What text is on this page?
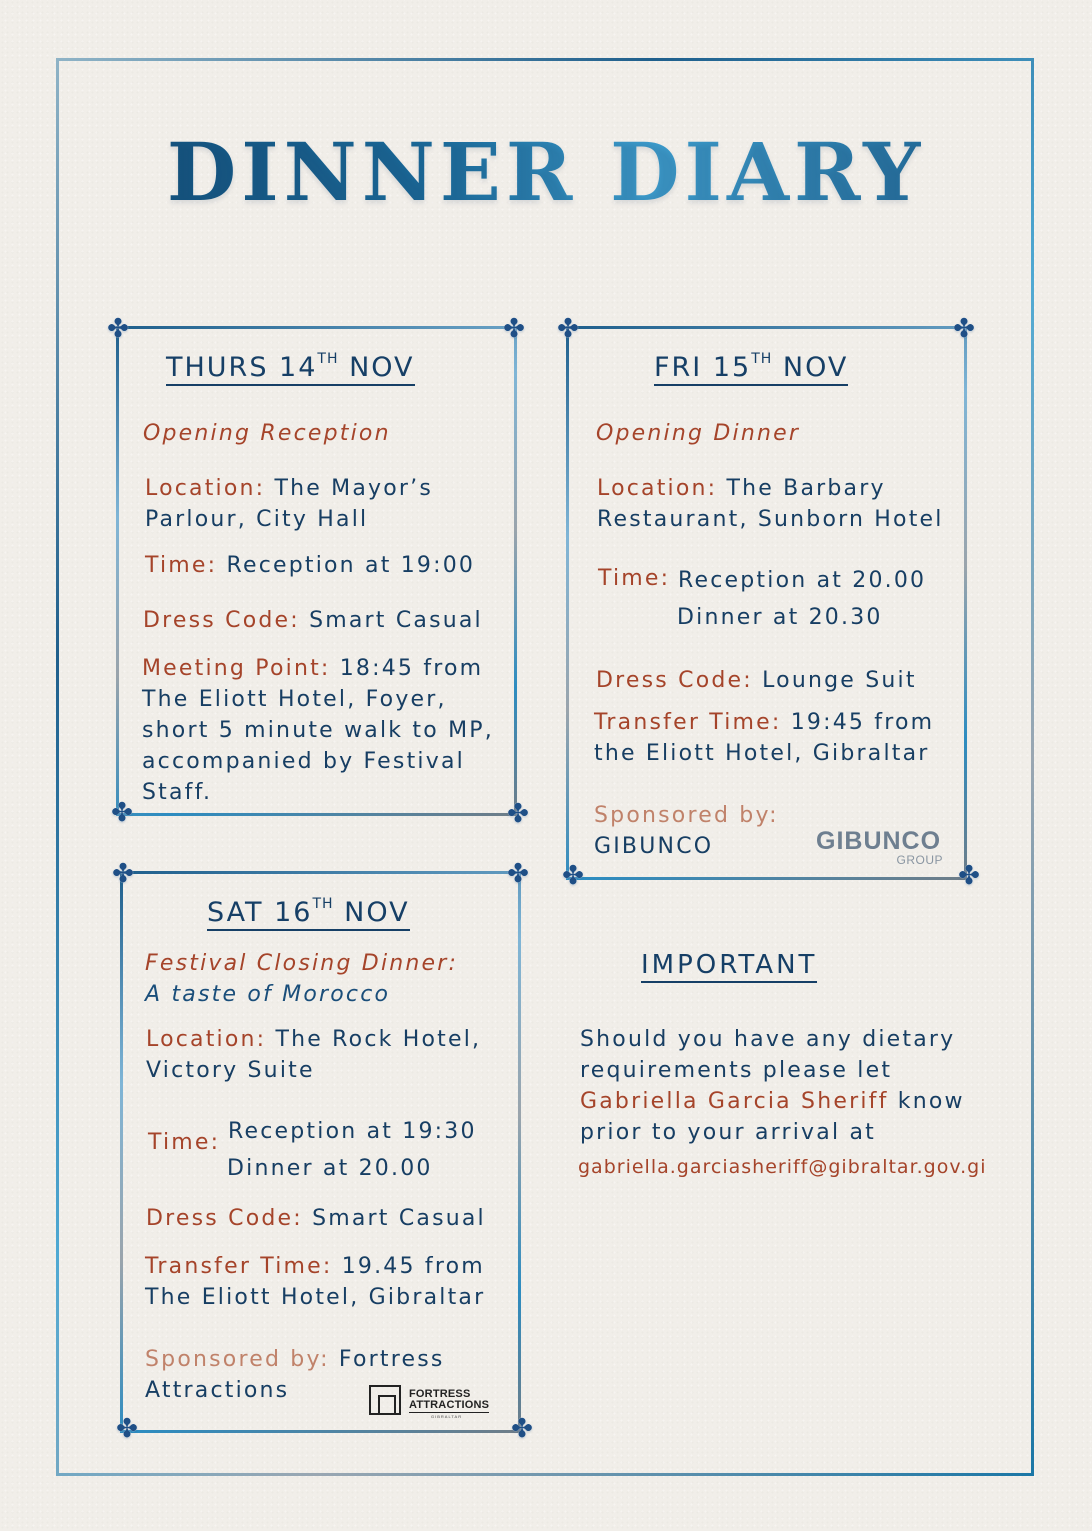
DINNER DIARY
✤	✤
✤	✤
THURS 14TH NOV
Opening Reception
Location: The Mayor’s
Parlour, City Hall
Time: Reception at 19:00
Dress Code: Smart Casual
Meeting Point: 18:45 from
The Eliott Hotel, Foyer,
short 5 minute walk to MP,
accompanied by Festival
Staff.
✤	✤
✤	✤
FRI 15TH NOV
Opening Dinner
Location: The Barbary
Restaurant, Sunborn Hotel
Time: Reception at 20.00
Dinner at 20.30
Dress Code: Lounge Suit
Transfer Time: 19:45 from
the Eliott Hotel, Gibraltar
Sponsored by:
GIBUNCO	GIBUNCO
GROUP
✤	✤
✤	✤
SAT 16TH NOV
Festival Closing Dinner:
A taste of Morocco
Location: The Rock Hotel,
Victory Suite
Time: Reception at 19:30
Dinner at 20.00
Dress Code: Smart Casual
Transfer Time: 19.45 from
The Eliott Hotel, Gibraltar
Sponsored by: Fortress
Attractions	FORTRESS
ATTRACTIONS
GIBRALTAR
IMPORTANT
Should you have any dietary
requirements please let
Gabriella Garcia Sheriff know
prior to your arrival at
gabriella.garciasheriff@gibraltar.gov.gi
